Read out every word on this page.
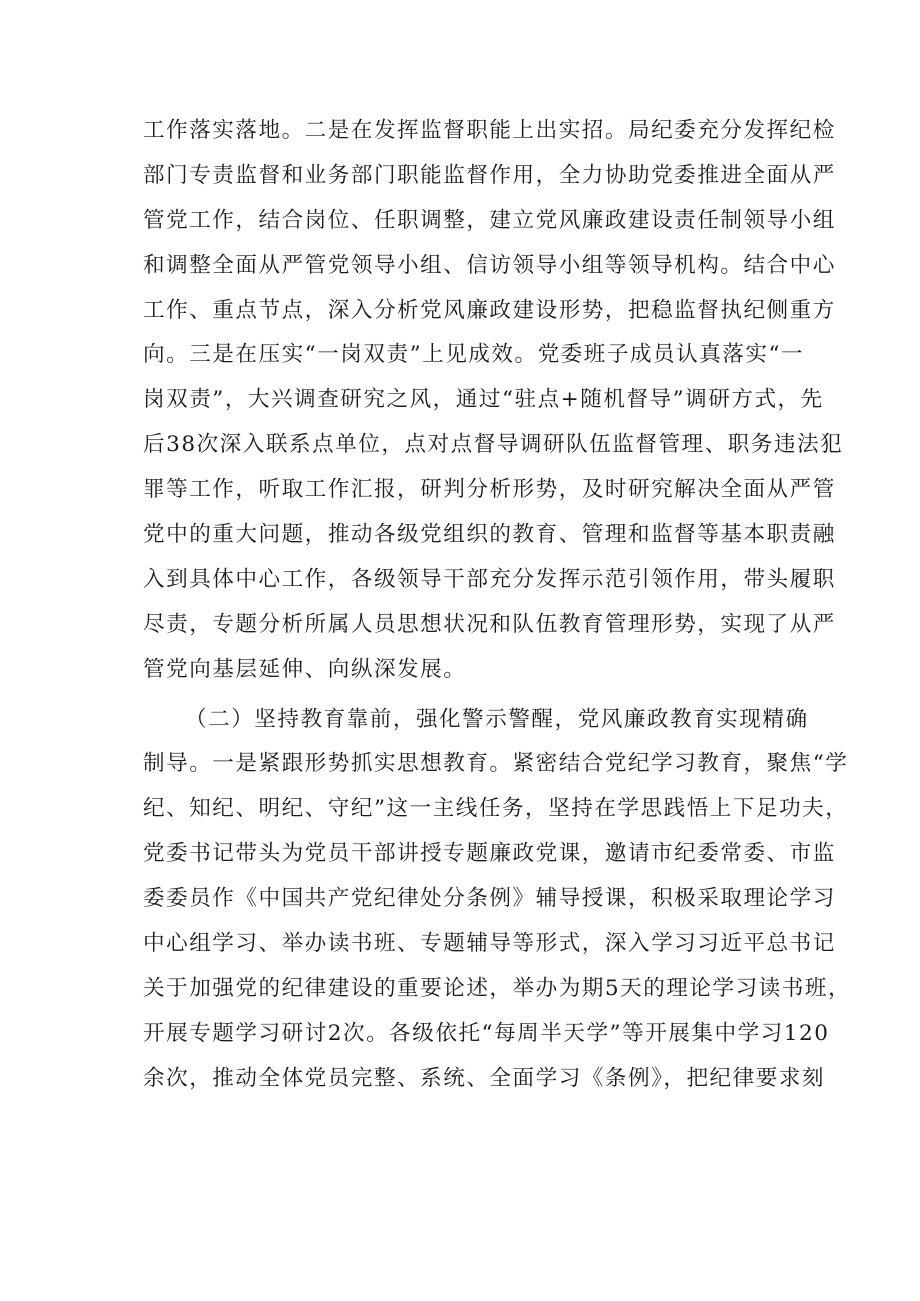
工作落实落地。二是在发挥监督职能上出实招。局纪委充分发挥纪检
部门专责监督和业务部门职能监督作用，全力协助党委推进全面从严
管党工作，结合岗位、任职调整，建立党风廉政建设责任制领导小组
和调整全面从严管党领导小组、信访领导小组等领导机构。结合中心
工作、重点节点，深入分析党风廉政建设形势，把稳监督执纪侧重方
向。三是在压实“一岗双责”上见成效。党委班子成员认真落实“一
岗双责”，大兴调查研究之风，通过“驻点+随机督导”调研方式，先
后38次深入联系点单位，点对点督导调研队伍监督管理、职务违法犯
罪等工作，听取工作汇报，研判分析形势，及时研究解决全面从严管
党中的重大问题，推动各级党组织的教育、管理和监督等基本职责融
入到具体中心工作，各级领导干部充分发挥示范引领作用，带头履职
尽责，专题分析所属人员思想状况和队伍教育管理形势，实现了从严
管党向基层延伸、向纵深发展。
（二）坚持教育靠前，强化警示警醒，党风廉政教育实现精确
制导。一是紧跟形势抓实思想教育。紧密结合党纪学习教育，聚焦“学
纪、知纪、明纪、守纪”这一主线任务，坚持在学思践悟上下足功夫，
党委书记带头为党员干部讲授专题廉政党课，邀请市纪委常委、市监
委委员作《中国共产党纪律处分条例》辅导授课，积极采取理论学习
中心组学习、举办读书班、专题辅导等形式，深入学习习近平总书记
关于加强党的纪律建设的重要论述，举办为期5天的理论学习读书班，
开展专题学习研讨2次。各级依托“每周半天学”等开展集中学习120
余次，推动全体党员完整、系统、全面学习《条例》，把纪律要求刻
